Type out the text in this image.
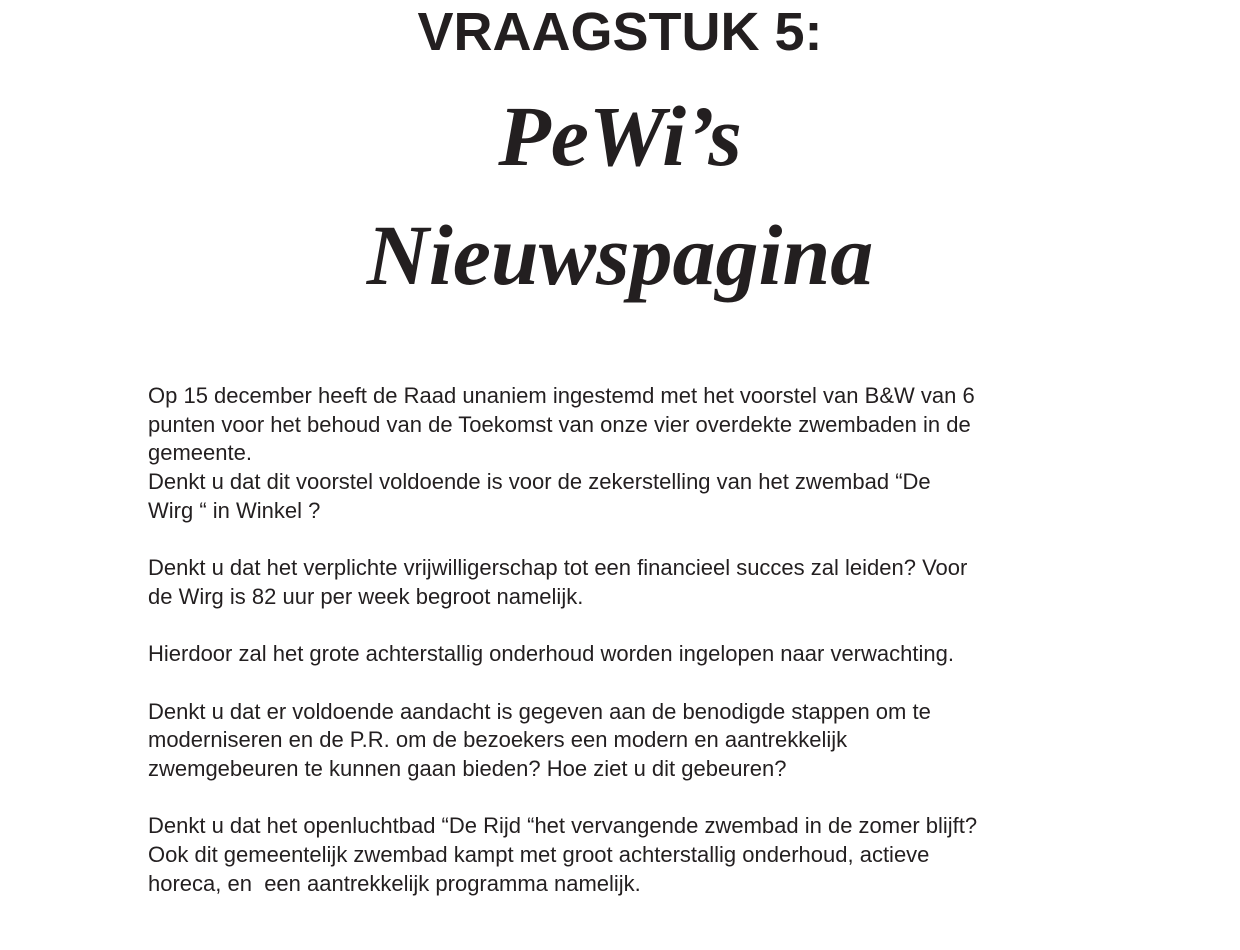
VRAAGSTUK 5:
PeWi’s
Nieuwspagina
Op 15 december heeft de Raad unaniem ingestemd met het voorstel van B&W van 6
punten voor het behoud van de Toekomst van onze vier overdekte zwembaden in de
gemeente.
Denkt u dat dit voorstel voldoende is voor de zekerstelling van het zwembad “De
Wirg “ in Winkel ?
Denkt u dat het verplichte vrijwilligerschap tot een financieel succes zal leiden? Voor
de Wirg is 82 uur per week begroot namelijk.
Hierdoor zal het grote achterstallig onderhoud worden ingelopen naar verwachting.
Denkt u dat er voldoende aandacht is gegeven aan de benodigde stappen om te
moderniseren en de P.R. om de bezoekers een modern en aantrekkelijk
zwemgebeuren te kunnen gaan bieden? Hoe ziet u dit gebeuren?
Denkt u dat het openluchtbad “De Rijd “het vervangende zwembad in de zomer blijft?
Ook dit gemeentelijk zwembad kampt met groot achterstallig onderhoud, actieve
horeca, en  een aantrekkelijk programma namelijk.
